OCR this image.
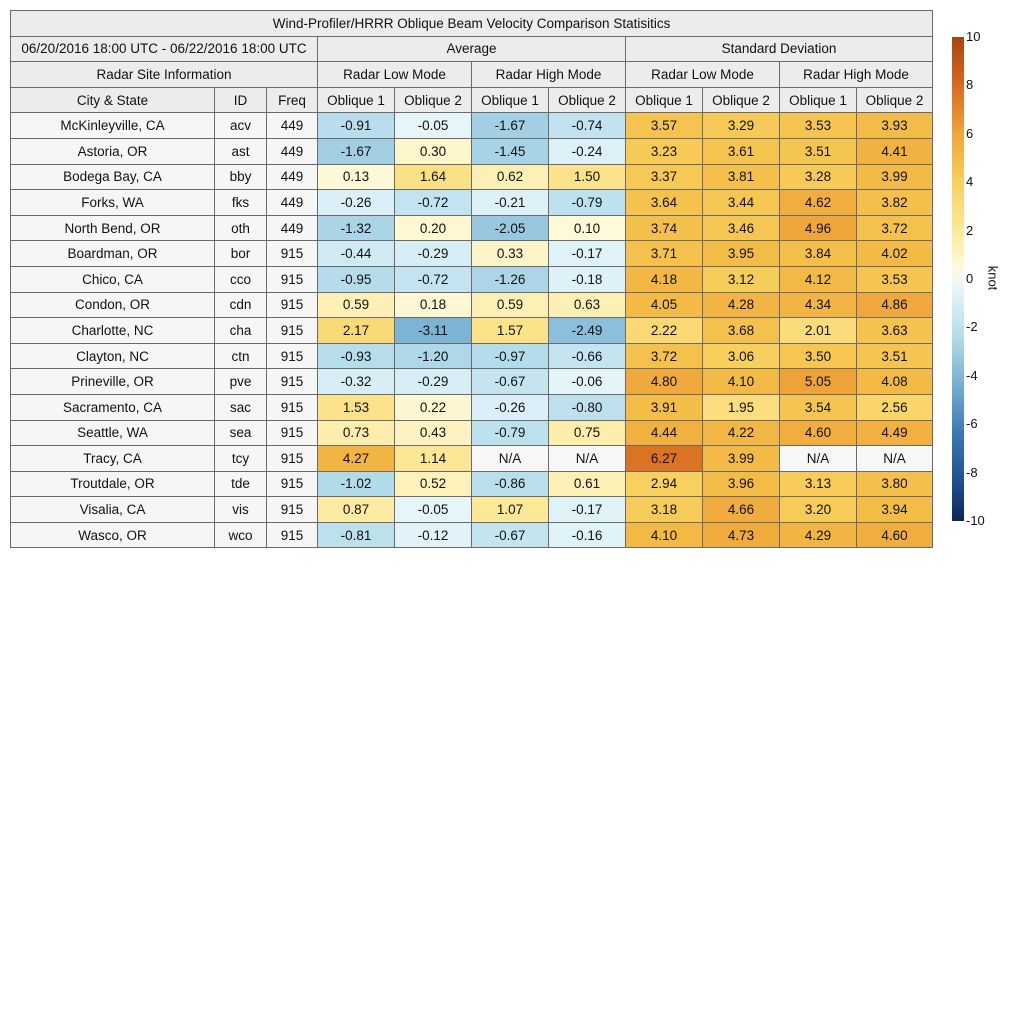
Wind-Profiler/HRRR Oblique Beam Velocity Comparison Statisitics										
06/20/2016 18:00 UTC - 06/22/2016 18:00 UTC			Average				Standard Deviation			
Radar Site Information			Radar Low Mode		Radar High Mode		Radar Low Mode		Radar High Mode	
City & State	ID	Freq	Oblique 1	Oblique 2	Oblique 1	Oblique 2	Oblique 1	Oblique 2	Oblique 1	Oblique 2
McKinleyville, CA	acv	449	-0.91	-0.05	-1.67	-0.74	3.57	3.29	3.53	3.93
Astoria, OR	ast	449	-1.67	0.30	-1.45	-0.24	3.23	3.61	3.51	4.41
Bodega Bay, CA	bby	449	0.13	1.64	0.62	1.50	3.37	3.81	3.28	3.99
Forks, WA	fks	449	-0.26	-0.72	-0.21	-0.79	3.64	3.44	4.62	3.82
North Bend, OR	oth	449	-1.32	0.20	-2.05	0.10	3.74	3.46	4.96	3.72
Boardman, OR	bor	915	-0.44	-0.29	0.33	-0.17	3.71	3.95	3.84	4.02
Chico, CA	cco	915	-0.95	-0.72	-1.26	-0.18	4.18	3.12	4.12	3.53
Condon, OR	cdn	915	0.59	0.18	0.59	0.63	4.05	4.28	4.34	4.86
Charlotte, NC	cha	915	2.17	-3.11	1.57	-2.49	2.22	3.68	2.01	3.63
Clayton, NC	ctn	915	-0.93	-1.20	-0.97	-0.66	3.72	3.06	3.50	3.51
Prineville, OR	pve	915	-0.32	-0.29	-0.67	-0.06	4.80	4.10	5.05	4.08
Sacramento, CA	sac	915	1.53	0.22	-0.26	-0.80	3.91	1.95	3.54	2.56
Seattle, WA	sea	915	0.73	0.43	-0.79	0.75	4.44	4.22	4.60	4.49
Tracy, CA	tcy	915	4.27	1.14	N/A	N/A	6.27	3.99	N/A	N/A
Troutdale, OR	tde	915	-1.02	0.52	-0.86	0.61	2.94	3.96	3.13	3.80
Visalia, CA	vis	915	0.87	-0.05	1.07	-0.17	3.18	4.66	3.20	3.94
Wasco, OR	wco	915	-0.81	-0.12	-0.67	-0.16	4.10	4.73	4.29	4.60
10
8
6
4
2
0
-2
-4
-6
-8
-10
knot
